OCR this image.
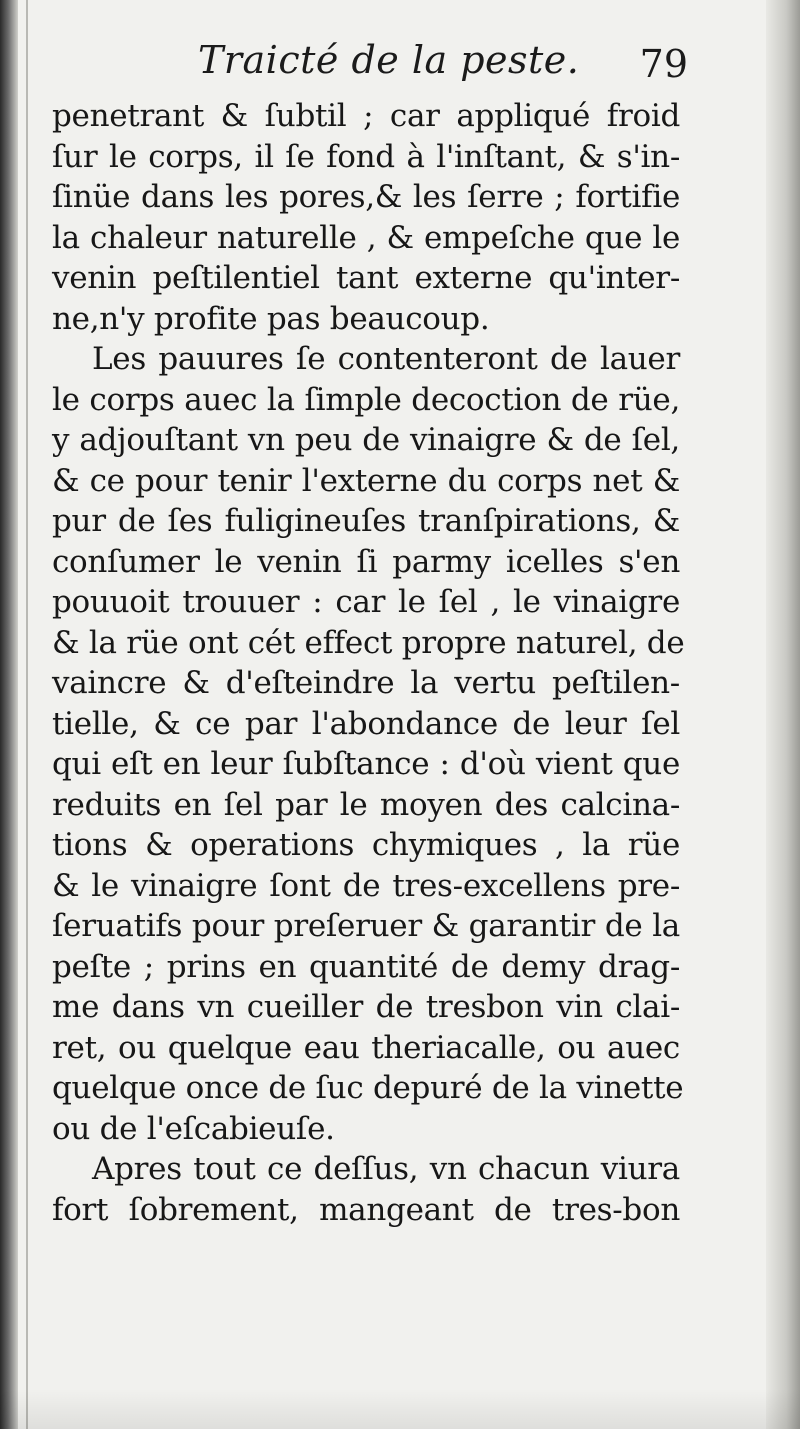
Traicté de la peste. 79
penetrant & ſubtil ; car appliqué froid
ſur le corps, il ſe fond à l'inſtant, & s'in-
ſinüe dans les pores,& les ſerre ; fortifie
la chaleur naturelle , & empeſche que le
venin peſtilentiel tant externe qu'inter-
ne,n'y profite pas beaucoup.
Les pauures ſe contenteront de lauer
le corps auec la ſimple decoction de rüe,
y adjouſtant vn peu de vinaigre & de ſel,
& ce pour tenir l'externe du corps net &
pur de ſes fuligineuſes tranſpirations, &
conſumer le venin ſi parmy icelles s'en
pouuoit trouuer : car le ſel , le vinaigre
& la rüe ont cét effect propre naturel, de
vaincre & d'eſteindre la vertu peſtilen-
tielle, & ce par l'abondance de leur ſel
qui eſt en leur ſubſtance : d'où vient que
reduits en ſel par le moyen des calcina-
tions & operations chymiques , la rüe
& le vinaigre ſont de tres-excellens pre-
ſeruatifs pour preſeruer & garantir de la
peſte ; prins en quantité de demy drag-
me dans vn cueiller de tresbon vin clai-
ret, ou quelque eau theriacalle, ou auec
quelque once de ſuc depuré de la vinette
ou de l'eſcabieuſe.
Apres tout ce deſſus, vn chacun viura
fort ſobrement, mangeant de tres-bon
